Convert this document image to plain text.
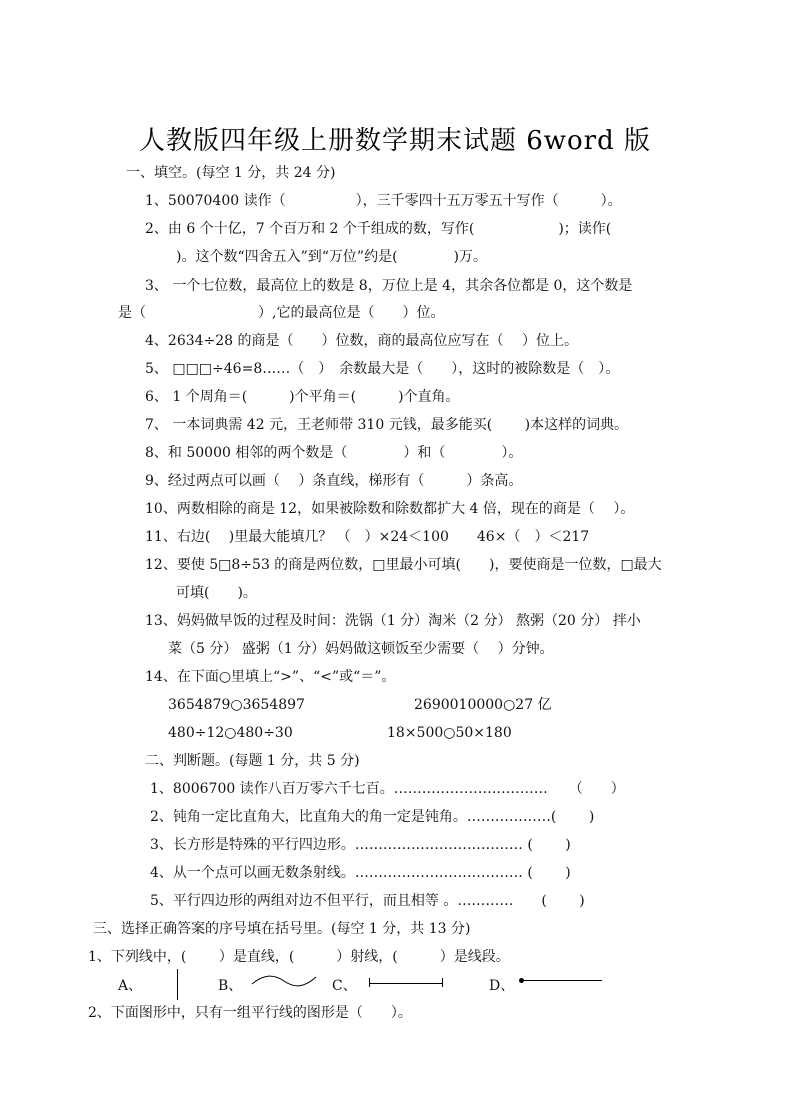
人教版四年级上册数学期末试题 6word 版
一、填空。(每空 1 分，共 24 分)
1、50070400 读作（　　　　　），三千零四十五万零五十写作（　　　）。
2、由 6 个十亿，7 个百万和 2 个千组成的数，写作(　　　　　　)；读作(
)。这个数“四舍五入”到“万位”约是(　　　　)万。
3、 一个七位数，最高位上的数是 8，万位上是 4，其余各位都是 0，这个数是
是（　　　　　　　　）,它的最高位是（　　）位。
4、2634÷28 的商是（　　）位数，商的最高位应写在（　 ）位上。
5、 □□□÷46=8……（　）　余数最大是（　　），这时的被除数是（　）。
6、 1 个周角＝(　　　)个平角＝(　　　)个直角。
7、 一本词典需 42 元，王老师带 310 元钱，最多能买(　　 )本这样的词典。
8、和 50000 相邻的两个数是（　　　　）和（　　　　）。
9、经过两点可以画（　 ）条直线，梯形有（　　　）条高。
10、两数相除的商是 12，如果被除数和除数都扩大 4 倍，现在的商是（　 ）。
11、右边(　 )里最大能填几？ （　）×24＜100　　46×（　）＜217
12、要使 5□8÷53 的商是两位数，□里最小可填(　　)，要使商是一位数，□最大
可填(　　)。
13、妈妈做早饭的过程及时间：洗锅（1 分）淘米（2 分） 熬粥（20 分） 拌小
菜（5 分） 盛粥（1 分）妈妈做这顿饭至少需要（　 ）分钟。
14、在下面○里填上“>”、“<”或“＝”。
3654879○3654897	2690010000○27 亿
480÷12○480÷30	18×500○50×180
二、判断题。(每题 1 分，共 5 分)
1、8006700 读作八百万零六千七百。……………………………　　（　　）
2、钝角一定比直角大，比直角大的角一定是钝角。………………(　　 )
3、长方形是特殊的平行四边形。……………………………… (　　 )
4、从一个点可以画无数条射线。……………………………… (　　 )
5、平行四边形的两组对边不但平行，而且相等 。…………　　(　　 )
三、选择正确答案的序号填在括号里。(每空 1 分，共 13 分)
1、下列线中，(　　 ）是直线，(　　　）射线，(　　　）是线段。
A、	B、	C、	D、
2、下面图形中，只有一组平行线的图形是（　　）。
